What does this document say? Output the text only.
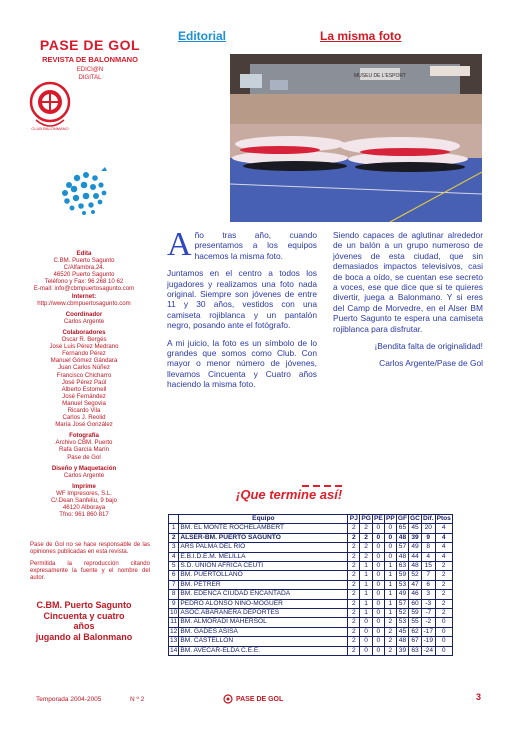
PASE DE GOL
REVISTA DE BALONMANO
EDICI@N
DIGITAL
CLUB BALONMANO
Edita
C.BM. Puerto Sagunto
C/Alfambra,24.
46520 Puerto Sagunto
Teléfono y Fax: 96 268 10 62
E-mail: info@cbmpuertosagunto.com
Internet:
http://www.cbmpuertosagunto.com
Coordinador
Carlos Argente
Colaboradores
Oscar R. Bergés
José Luis Pérez Medrano
Fernando Pérez
Manuel Gómez Gándara
Juan Carlos Núñez
Francisco Chicharro
José Pérez Paúl
Alberto Estornell
José Fernández
Manuel Segovia
Ricardo Vila
Carlos J. Reolid
María José González
Fotografía
Archivo CBM. Puerto
Rafa García Marín
Pase de Gol
Diseño y Maquetación
Carlos Argente
Imprime
WF Impresores, S.L.
C/.Dean Sanfeliu, 9 bajo
46120 Alboraya
Tfno: 961 860 817
Pase de Gol no se hace responsable de las opiniones publicadas en esta revista.
Permitida la reproducción citando expresamente la fuente y el nombre del autor.
C.BM. Puerto Sagunto
Cincuenta y cuatro
años
jugando al Balonmano
Temporada 2004-2005	N º 2	PASE DE GOL	3
Editorial	La misma foto
MUSEU DE L'ESPORT

Año tras año, cuando presentamos a los equipos hacemos la misma foto.

Juntamos en el centro a todos los jugadores y realizamos una foto nada original. Siempre son jóvenes de entre 11 y 30 años, vestidos con una camiseta rojiblanca y un pantalón negro, posando ante el fotógrafo.

A mi juicio, la foto es un símbolo de lo grandes que somos como Club. Con mayor o menor número de jóvenes, llevamos Cincuenta y Cuatro años haciendo la misma foto.

Siendo capaces de aglutinar alrededor de un balón a un grupo numeroso de jóvenes de esta ciudad, que sin demasiados impactos televisivos, casi de boca a oído, se cuentan ese secreto a voces, ese que dice que si te quieres divertir, juega a Balonmano. Y si eres del Camp de Morvedre, en el Alser BM Puerto Sagunto te espera una camiseta rojiblanca para disfrutar.

¡Bendita falta de originalidad!

Carlos Argente/Pase de Gol

¡Que termine así!
	Equipo	PJ	PG	PE	PP	GF	GC	Dif.	Ptos
1	BM. EL MONTE ROCHELAMBERT	2	2	0	0	65	45	20	4
2	ALSER-BM. PUERTO SAGUNTO	2	2	0	0	48	39	9	4
3	ARS PALMA DEL RIO	2	2	0	0	57	49	8	4
4	E.B.I.D.E.M. MELILLA	2	2	0	0	48	44	4	4
5	S.D. UNION AFRICA CEUTI	2	1	0	1	63	48	15	2
6	BM. PUERTOLLANO	2	1	0	1	59	52	7	2
7	BM. PETRER	2	1	0	1	53	47	6	2
8	BM. EDENCA CIUDAD ENCANTADA	2	1	0	1	49	46	3	2
9	PEDRO ALONSO NIÑO-MOGUER	2	1	0	1	57	60	-3	2
10	ASOC.ABARANERA DEPORTES	2	1	0	1	52	59	-7	2
11	BM. ALMORADI MAHERSOL	2	0	0	2	53	55	-2	0
12	BM. GADES ASISA	2	0	0	2	45	62	-17	0
13	BM. CASTELLON	2	0	0	2	48	67	-19	0
14	BM. AVECAR-ELDA C.E.E.	2	0	0	2	39	63	-24	0
